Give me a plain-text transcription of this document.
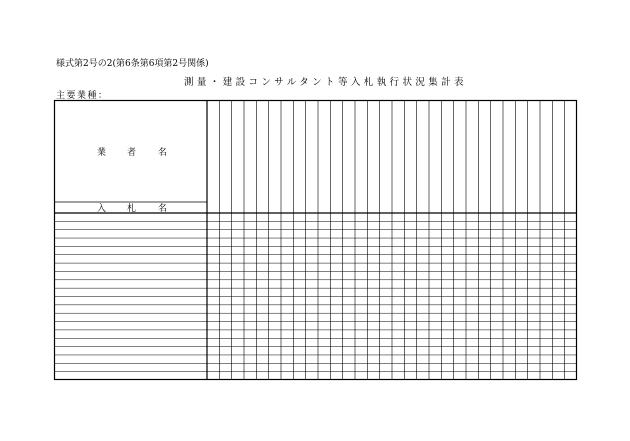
様式第2号の2(第6条第6項第2号関係)
測量・建設コンサルタント等入札執行状況集計表
主要業種：
業 者 名
入 札 名
